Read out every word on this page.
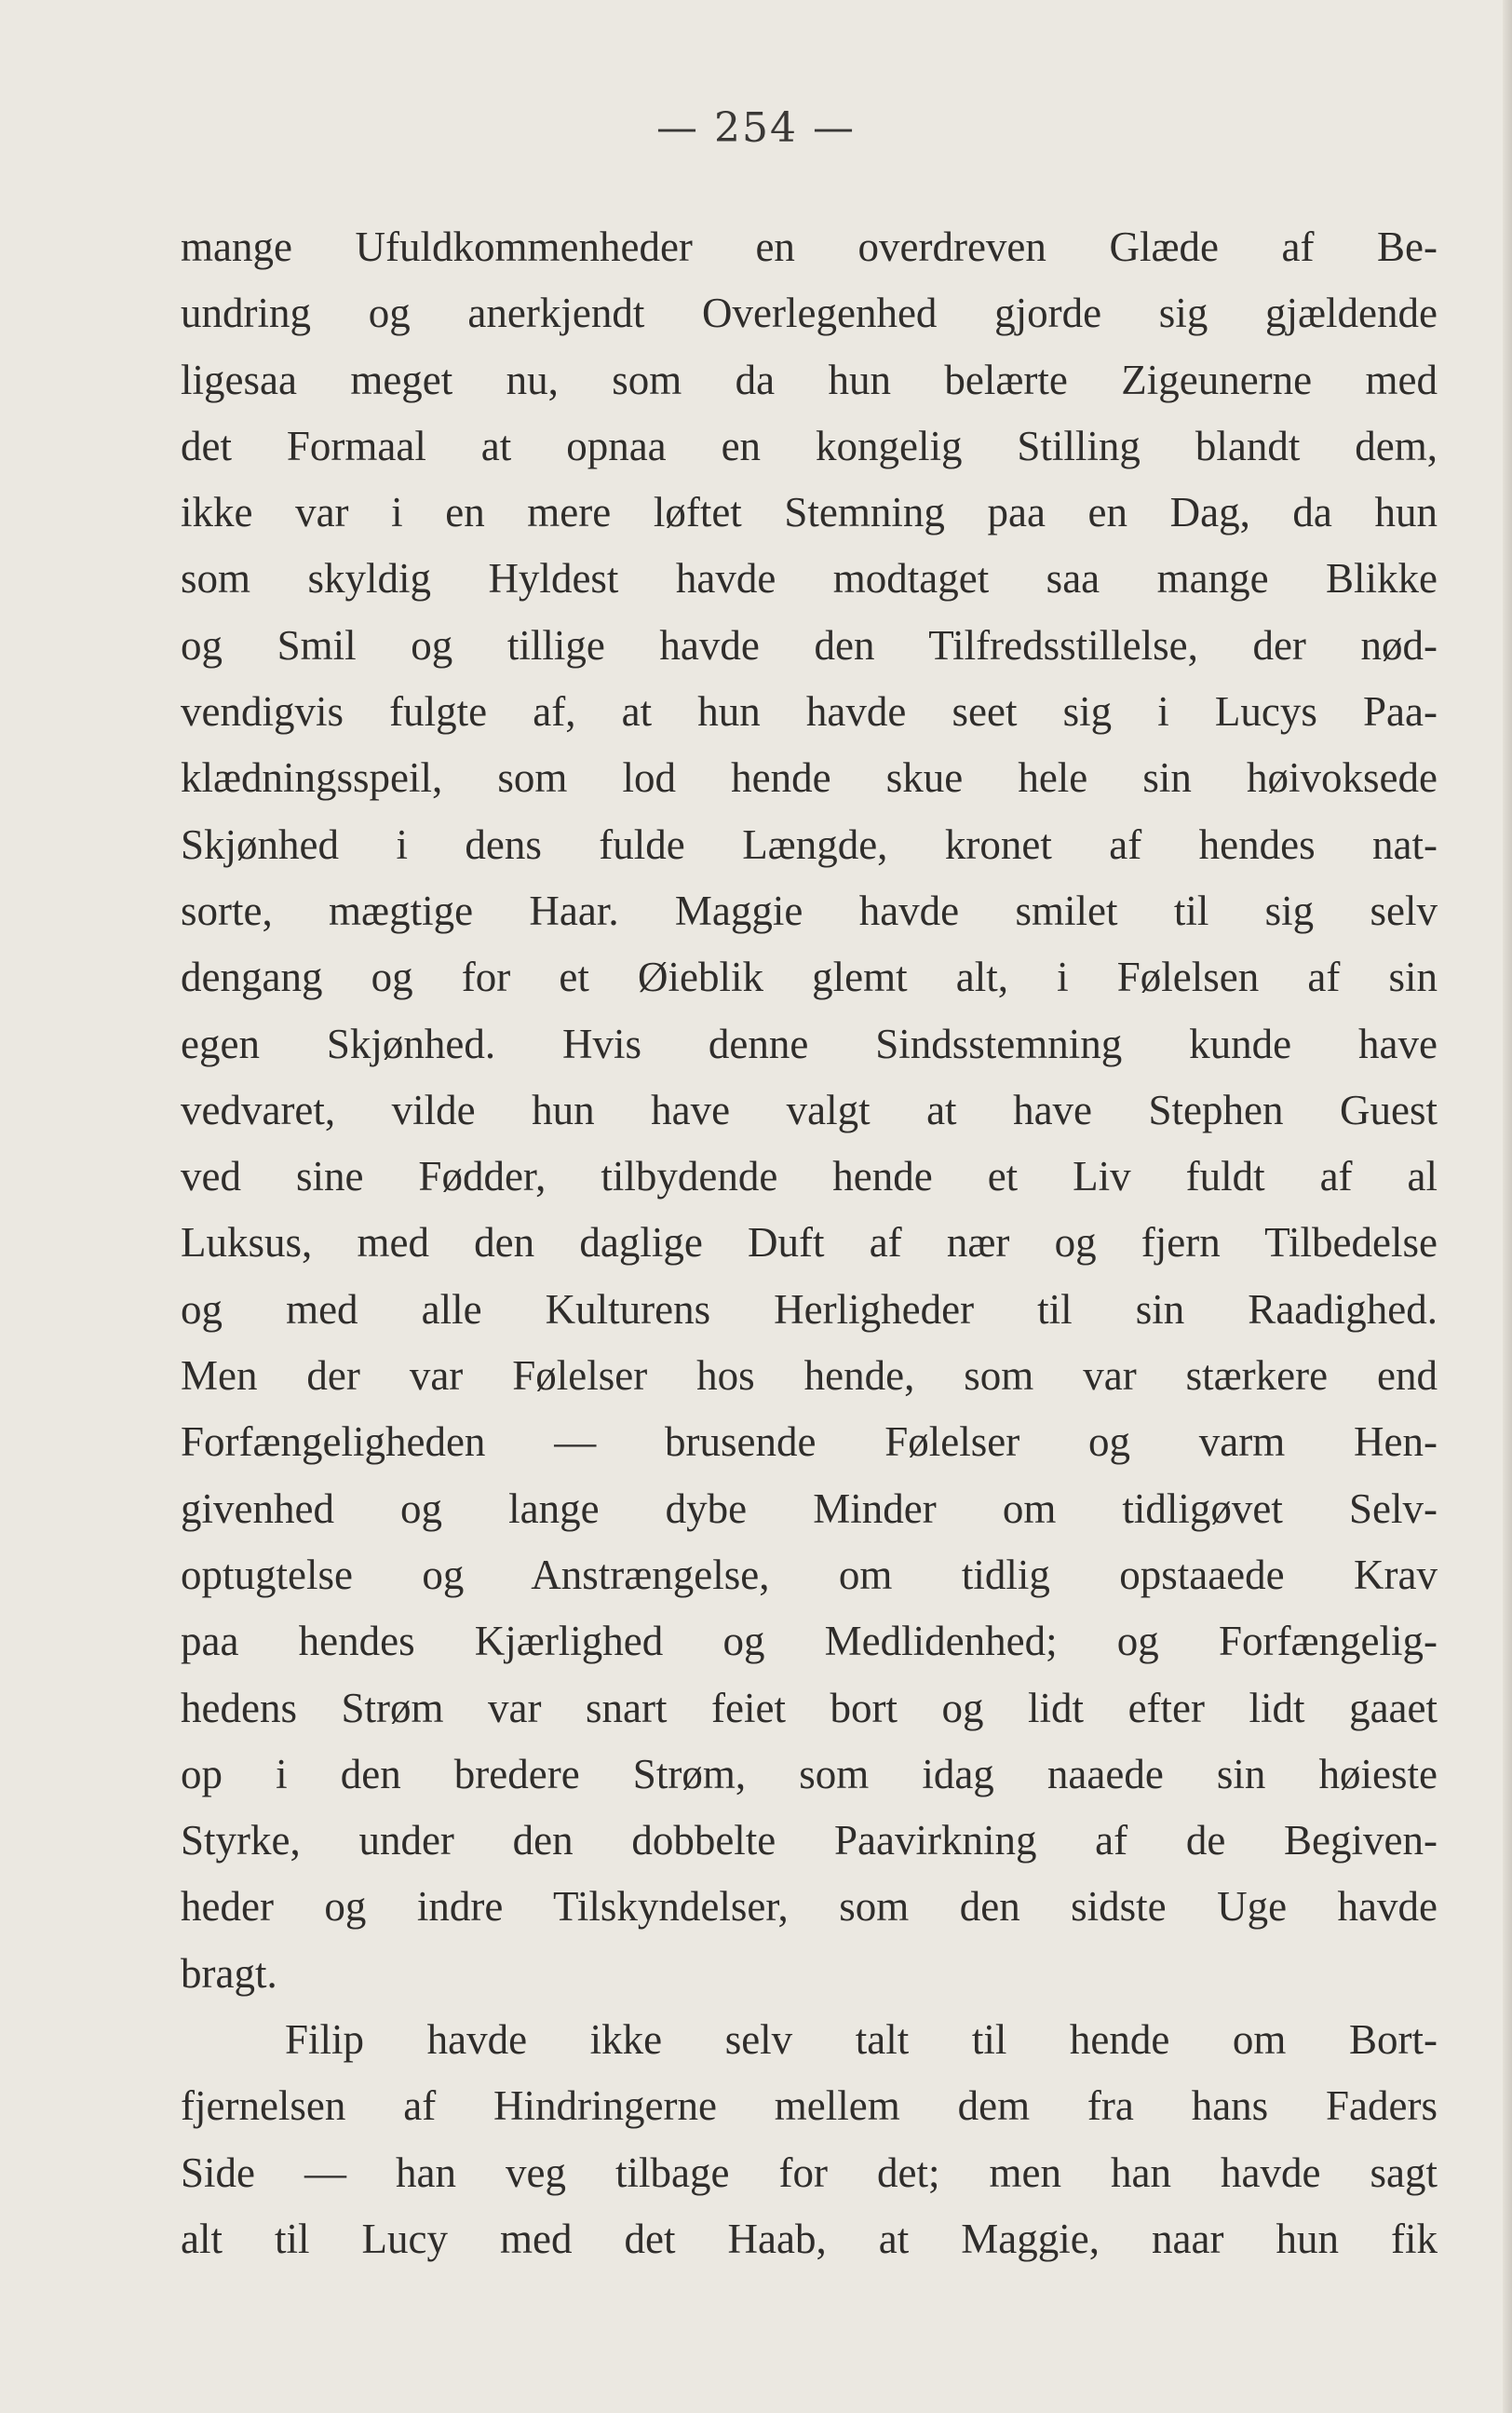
— 254 —

mange Ufuldkommenheder en overdreven Glæde af Be-
undring og anerkjendt Overlegenhed gjorde sig gjældende
ligesaa meget nu, som da hun belærte Zigeunerne med
det Formaal at opnaa en kongelig Stilling blandt dem,
ikke var i en mere løftet Stemning paa en Dag, da hun
som skyldig Hyldest havde modtaget saa mange Blikke
og Smil og tillige havde den Tilfredsstillelse, der nød-
vendigvis fulgte af, at hun havde seet sig i Lucys Paa-
klædningsspeil, som lod hende skue hele sin høivoksede
Skjønhed i dens fulde Længde, kronet af hendes nat-
sorte, mægtige Haar. Maggie havde smilet til sig selv
dengang og for et Øieblik glemt alt, i Følelsen af sin
egen Skjønhed. Hvis denne Sindsstemning kunde have
vedvaret, vilde hun have valgt at have Stephen Guest
ved sine Fødder, tilbydende hende et Liv fuldt af al
Luksus, med den daglige Duft af nær og fjern Tilbedelse
og med alle Kulturens Herligheder til sin Raadighed.
Men der var Følelser hos hende, som var stærkere end
Forfængeligheden — brusende Følelser og varm Hen-
givenhed og lange dybe Minder om tidligøvet Selv-
optugtelse og Anstrængelse, om tidlig opstaaede Krav
paa hendes Kjærlighed og Medlidenhed; og Forfængelig-
hedens Strøm var snart feiet bort og lidt efter lidt gaaet
op i den bredere Strøm, som idag naaede sin høieste
Styrke, under den dobbelte Paavirkning af de Begiven-
heder og indre Tilskyndelser, som den sidste Uge havde
bragt.
Filip havde ikke selv talt til hende om Bort-
fjernelsen af Hindringerne mellem dem fra hans Faders
Side — han veg tilbage for det; men han havde sagt
alt til Lucy med det Haab, at Maggie, naar hun fik
